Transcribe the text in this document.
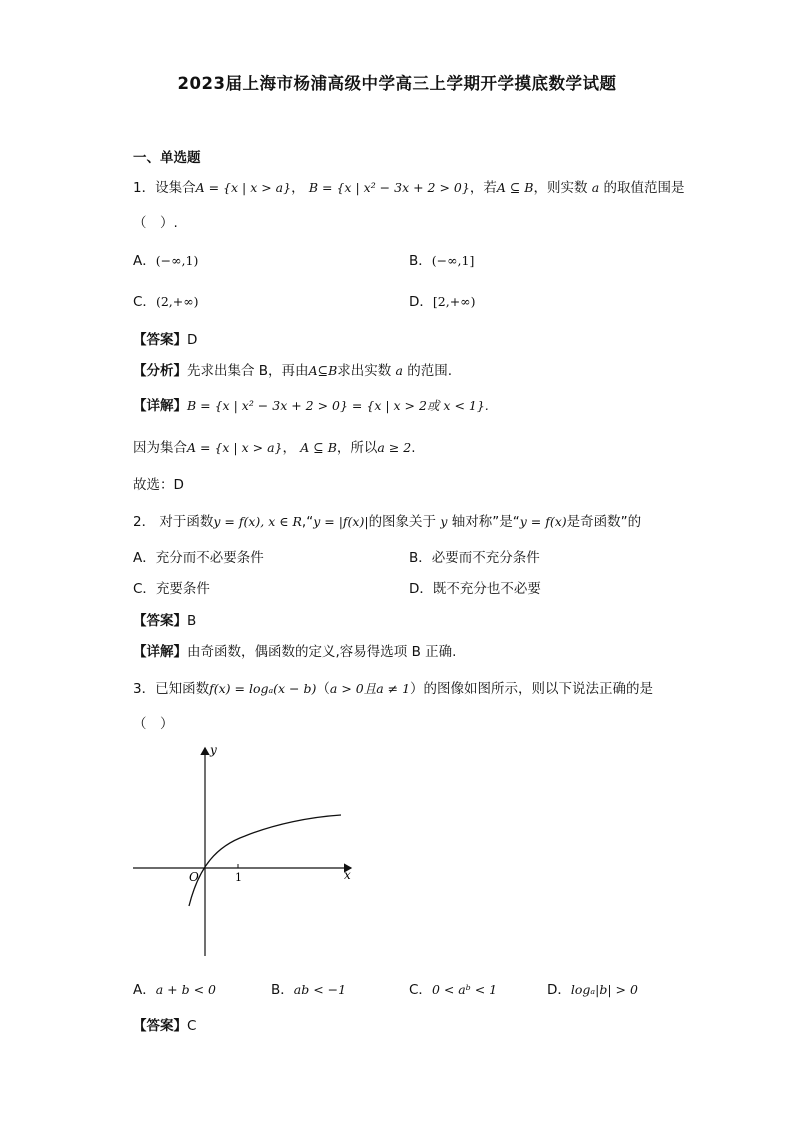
2023届上海市杨浦高级中学高三上学期开学摸底数学试题
一、单选题
1．设集合A = {x | x > a}， B = {x | x² − 3x + 2 > 0}，若A ⊆ B，则实数 a 的取值范围是
（　）.
A．(−∞,1)	B．(−∞,1]
C．(2,+∞)	D．[2,+∞)
【答案】D
【分析】先求出集合 B，再由A⊆B求出实数 a 的范围.
【详解】B = {x | x² − 3x + 2 > 0} = {x | x > 2或 x < 1}.
因为集合A = {x | x > a}， A ⊆ B，所以a ≥ 2.
故选：D
2． 对于函数y = f(x), x ∈ R,“y = |f(x)|的图象关于 y 轴对称”是“y = f(x)是奇函数”的
A．充分而不必要条件	B．必要而不充分条件
C．充要条件	D．既不充分也不必要
【答案】B
【详解】由奇函数，偶函数的定义,容易得选项 B 正确.
3．已知函数f(x) = logₐ(x − b)（a > 0且a ≠ 1）的图像如图所示，则以下说法正确的是
（　）
y
x
O	1
A．a + b < 0	B．ab < −1	C．0 < aᵇ < 1	D．logₐ|b| > 0
【答案】C
